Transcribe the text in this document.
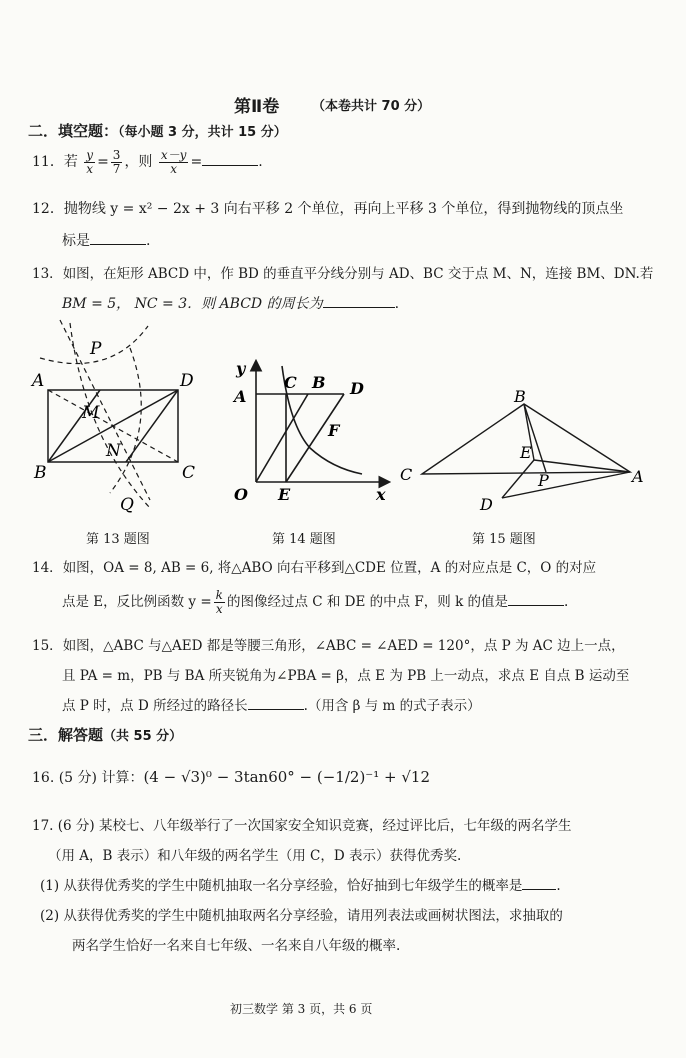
第Ⅱ卷	（本卷共计 70 分）
二．填空题：（每小题 3 分，共计 15 分）
11．若 $\frac{y}{x} = \frac{3}{7}$ ，则 $\frac{x-y}{x}$ =	.
12．抛物线 y = x² − 2x + 3 向右平移 2 个单位，再向上平移 3 个单位，得到抛物线的顶点坐
标是	.
13．如图，在矩形 ABCD 中，作 BD 的垂直平分线分别与 AD、BC 交于点 M、N，连接 BM、DN.若
BM = 5， NC = 3．则 ABCD 的周长为	.
P
A	D
M
N
B	C
Q
第 13 题图
y
C B D
A
F
O E	x
第 14 题图
B
C
E
A
P
D
第 15 题图
14．如图，OA = 8, AB = 6, 将△ABO 向右平移到△CDE 位置，A 的对应点是 C，O 的对应
点是 E，反比例函数 $y = \frac{k}{x}$ 的图像经过点 C 和 DE 的中点 F，则 k 的值是	.
15．如图，△ABC 与△AED 都是等腰三角形，∠ABC = ∠AED = 120°，点 P 为 AC 边上一点，
且 PA = m，PB 与 BA 所夹锐角为∠PBA = β，点 E 为 PB 上一动点，求点 E 自点 B 运动至
点 P 时，点 D 所经过的路径长	.（用含 β 与 m 的式子表示）
三．解答题（共 55 分）
16. (5 分) 计算：(4 − √3)⁰ − 3tan60° − (−1/2)⁻¹ + √12
17. (6 分) 某校七、八年级举行了一次国家安全知识竞赛，经过评比后，七年级的两名学生
（用 A，B 表示）和八年级的两名学生（用 C，D 表示）获得优秀奖.
(1) 从获得优秀奖的学生中随机抽取一名分享经验，恰好抽到七年级学生的概率是	.
(2) 从获得优秀奖的学生中随机抽取两名分享经验，请用列表法或画树状图法，求抽取的
两名学生恰好一名来自七年级、一名来自八年级的概率.
初三数学 第 3 页，共 6 页
